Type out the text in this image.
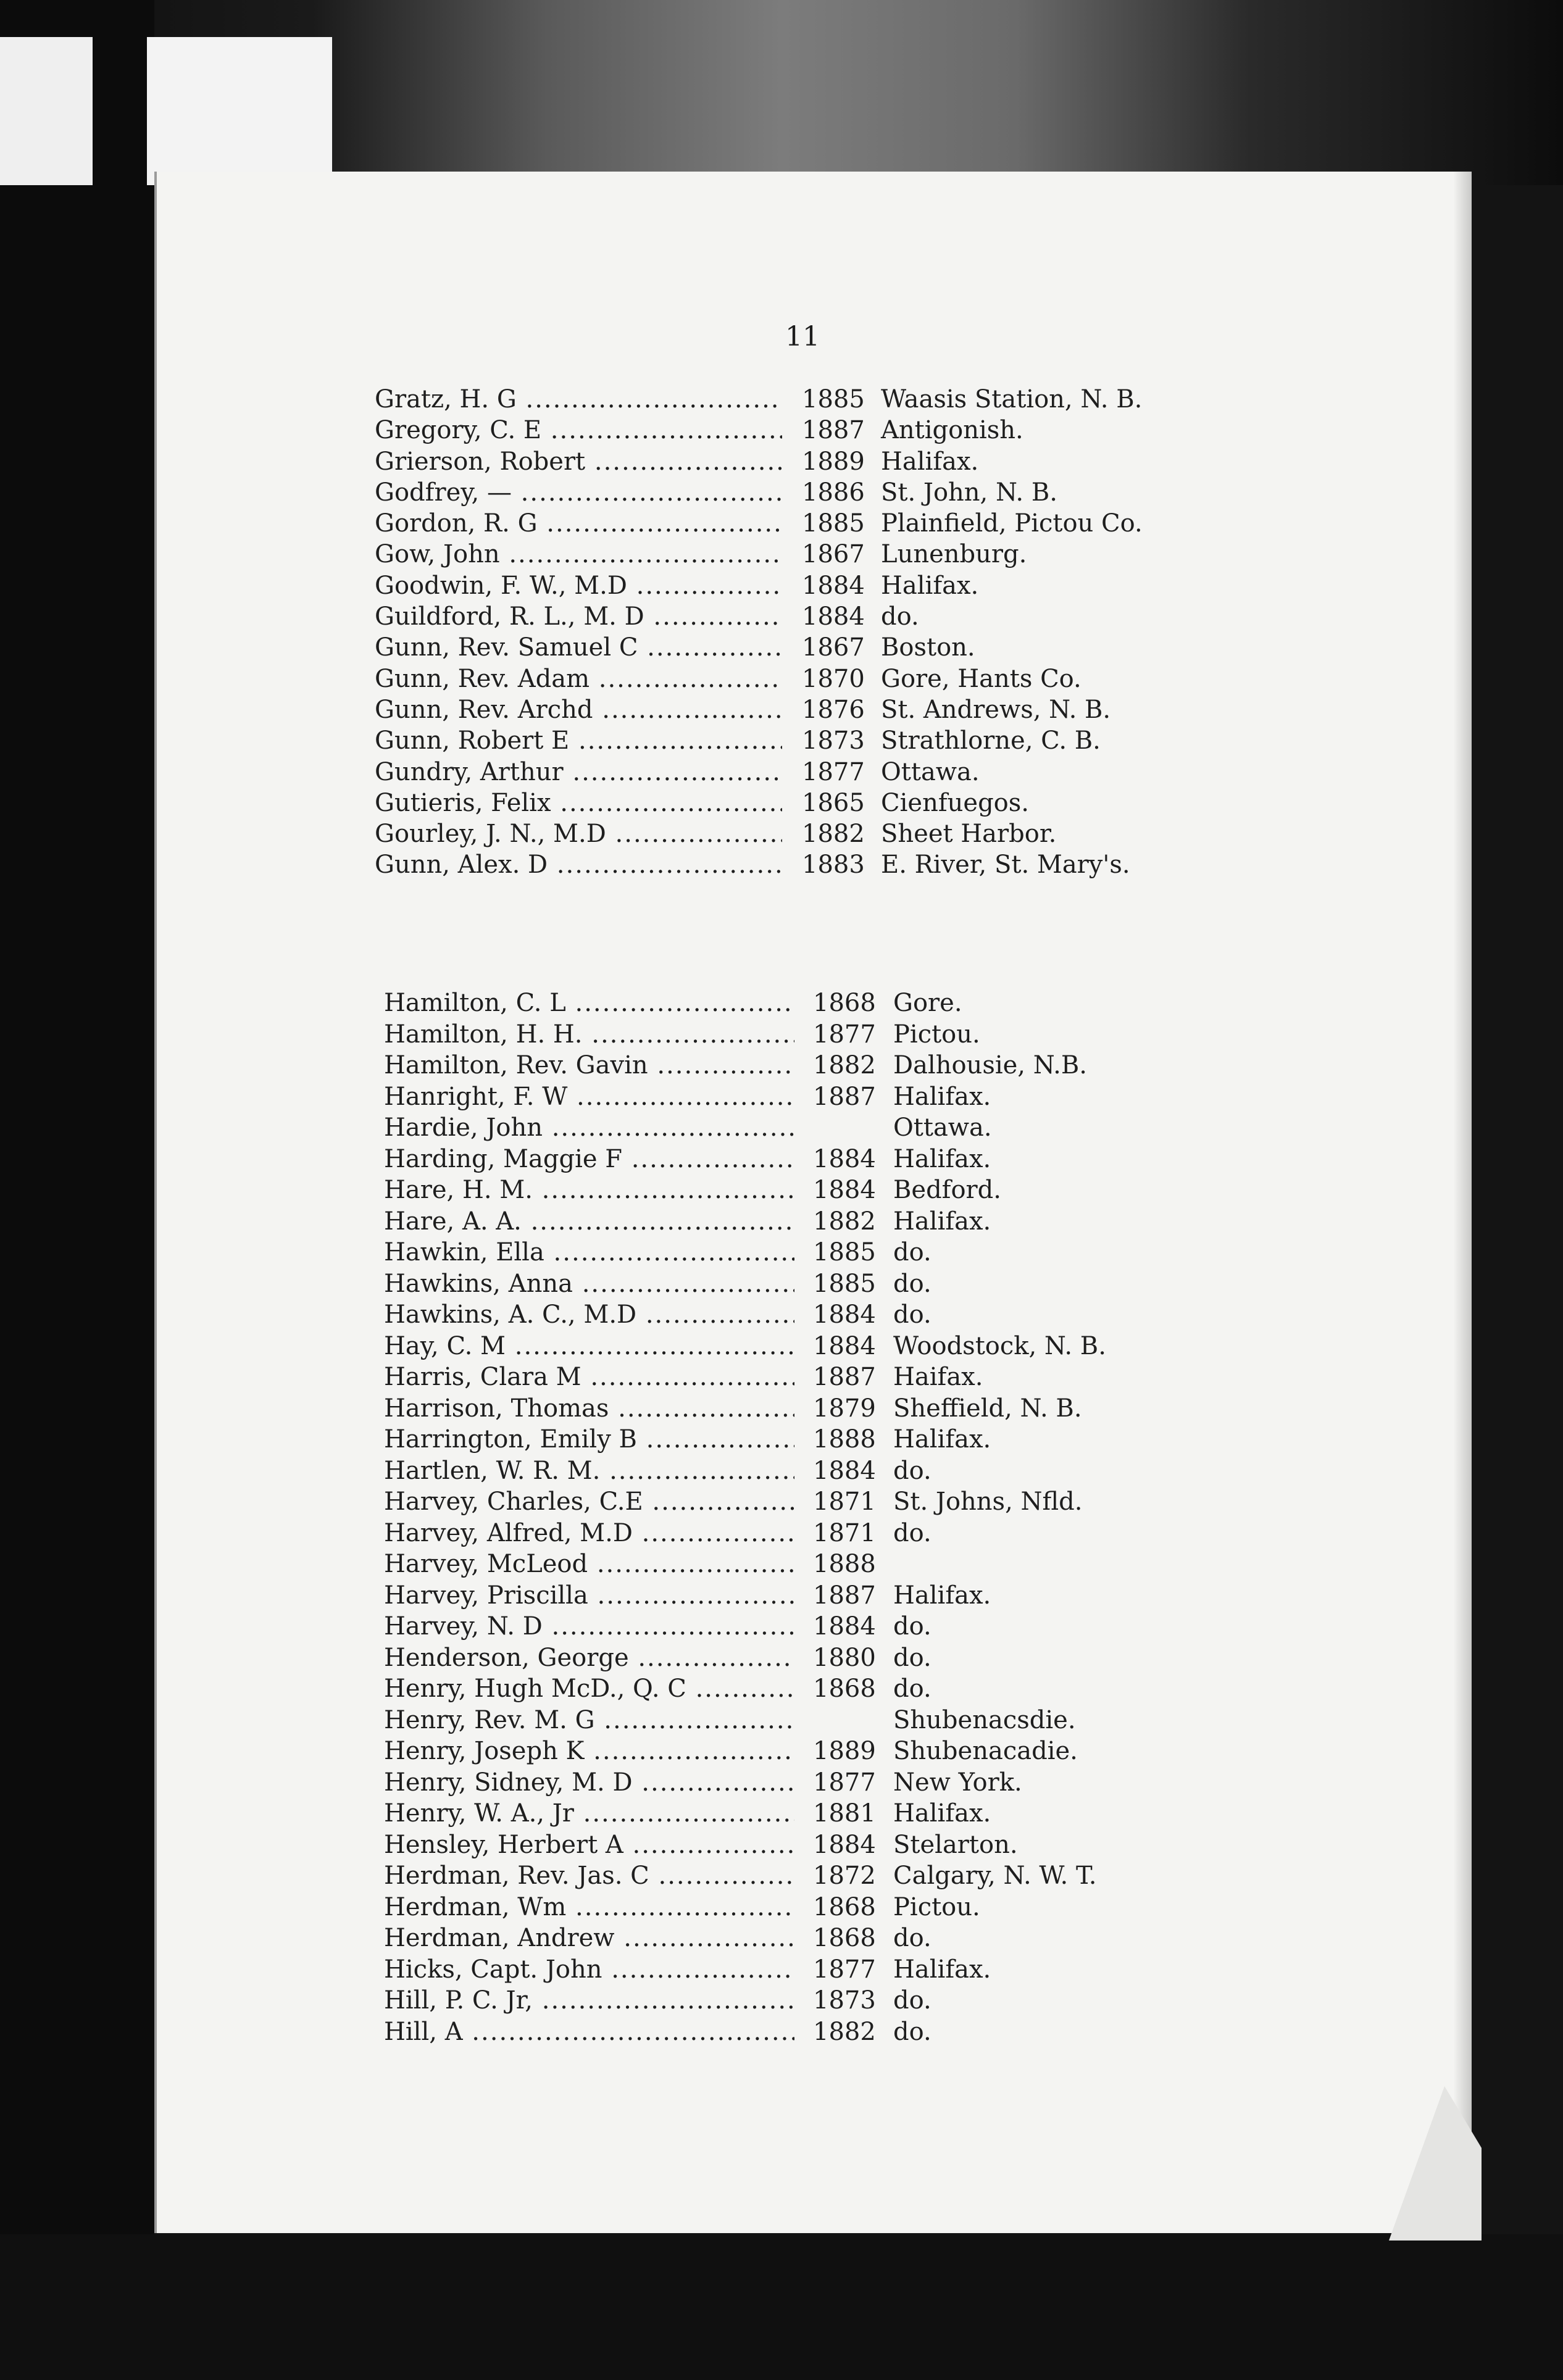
11
Gratz, H. G .....	1885 Waasis Station, N. B.
Gregory, C. E .....	1887 Antigonish.
Grierson, Robert .....	1889 Halifax.
Godfrey, — .....	1886 St. John, N. B.
Gordon, R. G .....	1885 Plainfield, Pictou Co.
Gow, John .....	1867 Lunenburg.
Goodwin, F. W., M.D .....	1884 Halifax.
Guildford, R. L., M. D .....	1884 do.
Gunn, Rev. Samuel C .....	1867 Boston.
Gunn, Rev. Adam .....	1870 Gore, Hants Co.
Gunn, Rev. Archd .....	1876 St. Andrews, N. B.
Gunn, Robert E .....	1873 Strathlorne, C. B.
Gundry, Arthur .....	1877 Ottawa.
Gutieris, Felix .....	1865 Cienfuegos.
Gourley, J. N., M.D .....	1882 Sheet Harbor.
Gunn, Alex. D .....	1883 E. River, St. Mary's.
Hamilton, C. L .....	1868 Gore.
Hamilton, H. H. .....	1877 Pictou.
Hamilton, Rev. Gavin .....	1882 Dalhousie, N.B.
Hanright, F. W .....	1887 Halifax.
Hardie, John .....	Ottawa.
Harding, Maggie F .....	1884 Halifax.
Hare, H. M. .....	1884 Bedford.
Hare, A. A. .....	1882 Halifax.
Hawkin, Ella .....	1885 do.
Hawkins, Anna .....	1885 do.
Hawkins, A. C., M.D .....	1884 do.
Hay, C. M .....	1884 Woodstock, N. B.
Harris, Clara M .....	1887 Haifax.
Harrison, Thomas .....	1879 Sheffield, N. B.
Harrington, Emily B .....	1888 Halifax.
Hartlen, W. R. M. .....	1884 do.
Harvey, Charles, C.E .....	1871 St. Johns, Nfld.
Harvey, Alfred, M.D .....	1871 do.
Harvey, McLeod .....	1888
Harvey, Priscilla .....	1887 Halifax.
Harvey, N. D .....	1884 do.
Henderson, George .....	1880 do.
Henry, Hugh McD., Q. C .....	1868 do.
Henry, Rev. M. G .....	Shubenacsdie.
Henry, Joseph K .....	1889 Shubenacadie.
Henry, Sidney, M. D .....	1877 New York.
Henry, W. A., Jr .....	1881 Halifax.
Hensley, Herbert A .....	1884 Stelarton.
Herdman, Rev. Jas. C .....	1872 Calgary, N. W. T.
Herdman, Wm .....	1868 Pictou.
Herdman, Andrew .....	1868 do.
Hicks, Capt. John .....	1877 Halifax.
Hill, P. C. Jr, .....	1873 do.
Hill, A .....	1882 do.
